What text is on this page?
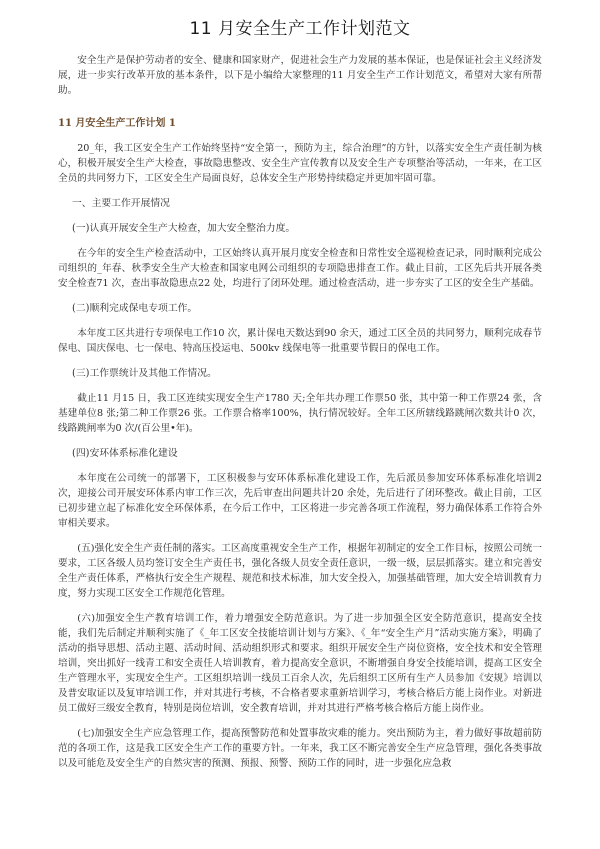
11 月安全生产工作计划范文

安全生产是保护劳动者的安全、健康和国家财产，促进社会生产力发展的基本保证，也是保证社会主义经济发展，进一步实行改革开放的基本条件，以下是小编给大家整理的11 月安全生产工作计划范文，希望对大家有所帮助。

11 月安全生产工作计划 1

20_年，我工区安全生产工作始终坚持“安全第一，预防为主，综合治理”的方针，以落实安全生产责任制为核心，积极开展安全生产大检查，事故隐患整改、安全生产宣传教育以及安全生产专项整治等活动，一年来，在工区全员的共同努力下，工区安全生产局面良好，总体安全生产形势持续稳定并更加牢固可靠。

一、主要工作开展情况
(一)认真开展安全生产大检查，加大安全整治力度。

在今年的安全生产检查活动中，工区始终认真开展月度安全检查和日常性安全巡视检查记录，同时顺利完成公司组织的_年春、秋季安全生产大检查和国家电网公司组织的专项隐患排查工作。截止目前，工区先后共开展各类安全检查71 次，查出事故隐患点22 处，均进行了闭环处理。通过检查活动，进一步夯实了工区的安全生产基础。

(二)顺利完成保电专项工作。

本年度工区共进行专项保电工作10 次，累计保电天数达到90 余天，通过工区全员的共同努力，顺利完成春节保电、国庆保电、七一保电、特高压投运电、500kv 线保电等一批重要节假日的保电工作。

(三)工作票统计及其他工作情况。

截止11 月15 日，我工区连续实现安全生产1780 天;全年共办理工作票50 张，其中第一种工作票24 张，含基建单位8 张;第二种工作票26 张。工作票合格率100%，执行情况较好。全年工区所辖线路跳闸次数共计0 次，线路跳闸率为0 次/(百公里•年)。

(四)安环体系标准化建设

本年度在公司统一的部署下，工区积极参与安环体系标准化建设工作，先后派员参加安环体系标准化培训2 次，迎接公司开展安环体系内审工作三次，先后审查出问题共计20 余处，先后进行了闭环整改。截止目前，工区已初步建立起了标准化安全环保体系，在今后工作中，工区将进一步完善各项工作流程，努力确保体系工作符合外审相关要求。

(五)强化安全生产责任制的落实。工区高度重视安全生产工作，根据年初制定的安全工作目标，按照公司统一要求，工区各级人员均签订安全生产责任书，强化各级人员安全责任意识，一级一级，层层抓落实。建立和完善安全生产责任体系，严格执行安全生产规程、规范和技术标准，加大安全投入，加强基础管理，加大安全培训教育力度，努力实现工区安全工作规范化管理。

(六)加强安全生产教育培训工作，着力增强安全防范意识。为了进一步加强全区安全防范意识，提高安全技能，我们先后制定并顺利实施了《_年工区安全技能培训计划与方案》、《_年“安全生产月”活动实施方案》，明确了活动的指导思想、活动主题、活动时间、活动组织形式和要求。组织开展安全生产岗位资格，安全技术和安全管理培训，突出抓好一线青工和安全责任人培训教育，着力提高安全意识，不断增强自身安全技能培训，提高工区安全生产管理水平，实现安全生产。工区组织培训一线员工百余人次，先后组织工区所有生产人员参加《安规》培训以及普安取证以及复审培训工作，并对其进行考核，不合格者要求重新培训学习，考核合格后方能上岗作业。对新进员工做好三级安全教育，特别是岗位培训，安全教育培训，并对其进行严格考核合格后方能上岗作业。

(七)加强安全生产应急管理工作，提高预警防范和处置事故灾难的能力。突出预防为主，着力做好事故超前防范的各项工作，这是我工区安全生产工作的重要方针。一年来，我工区不断完善安全生产应急管理，强化各类事故以及可能危及安全生产的自然灾害的预测、预报、预警、预防工作的同时，进一步强化应急救
